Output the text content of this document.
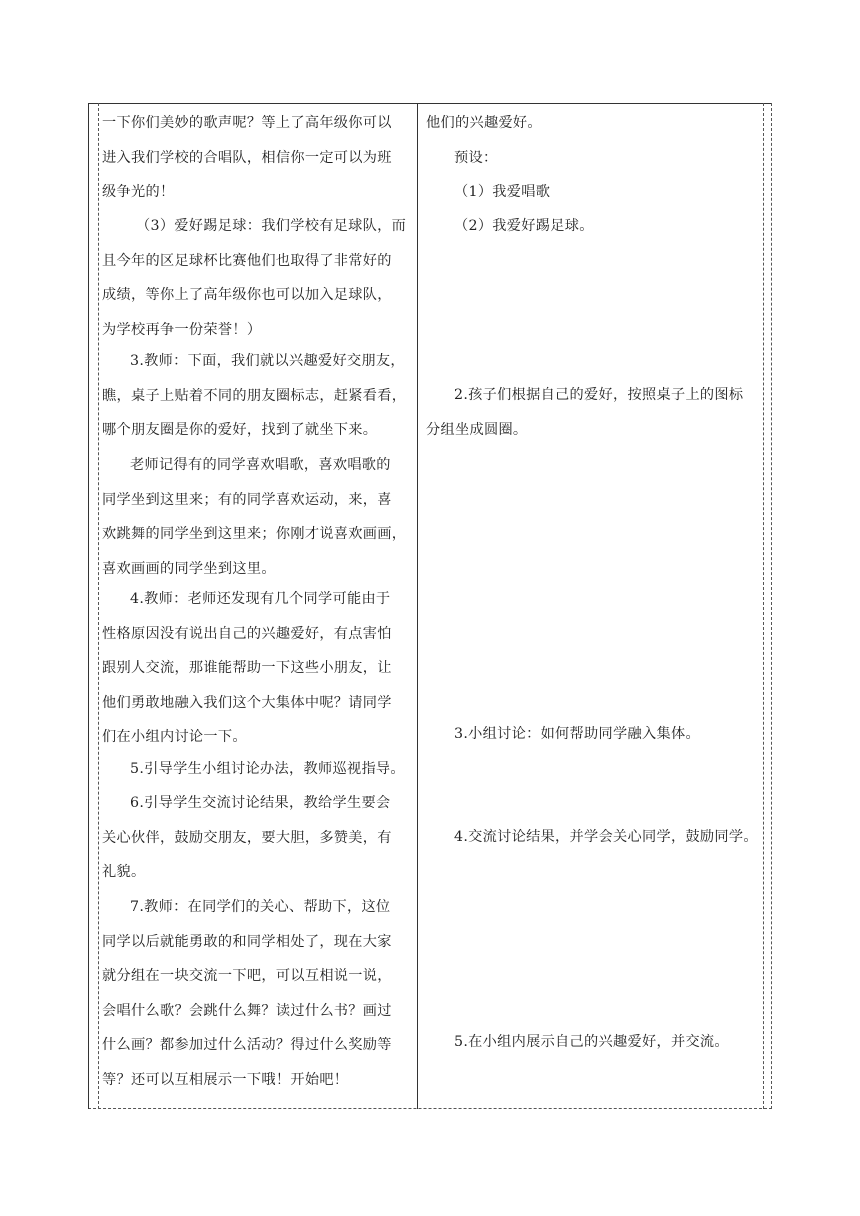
一下你们美妙的歌声呢？等上了高年级你可以
进入我们学校的合唱队，相信你一定可以为班
级争光的！
（3）爱好踢足球：我们学校有足球队，而
且今年的区足球杯比赛他们也取得了非常好的
成绩，等你上了高年级你也可以加入足球队，
为学校再争一份荣誉！）
3.教师：下面，我们就以兴趣爱好交朋友，
瞧，桌子上贴着不同的朋友圈标志，赶紧看看，
哪个朋友圈是你的爱好，找到了就坐下来。
老师记得有的同学喜欢唱歌，喜欢唱歌的
同学坐到这里来；有的同学喜欢运动，来，喜
欢跳舞的同学坐到这里来；你刚才说喜欢画画，
喜欢画画的同学坐到这里。
4.教师：老师还发现有几个同学可能由于
性格原因没有说出自己的兴趣爱好，有点害怕
跟别人交流，那谁能帮助一下这些小朋友，让
他们勇敢地融入我们这个大集体中呢？请同学
们在小组内讨论一下。
5.引导学生小组讨论办法，教师巡视指导。
6.引导学生交流讨论结果，教给学生要会
关心伙伴，鼓励交朋友，要大胆，多赞美，有
礼貌。
7.教师：在同学们的关心、帮助下，这位
同学以后就能勇敢的和同学相处了，现在大家
就分组在一块交流一下吧，可以互相说一说，
会唱什么歌？会跳什么舞？读过什么书？画过
什么画？都参加过什么活动？得过什么奖励等
等？还可以互相展示一下哦！开始吧！
他们的兴趣爱好。
预设：
（1）我爱唱歌
（2）我爱好踢足球。
2.孩子们根据自己的爱好，按照桌子上的图标
分组坐成圆圈。
3.小组讨论：如何帮助同学融入集体。
4.交流讨论结果，并学会关心同学，鼓励同学。
5.在小组内展示自己的兴趣爱好，并交流。
